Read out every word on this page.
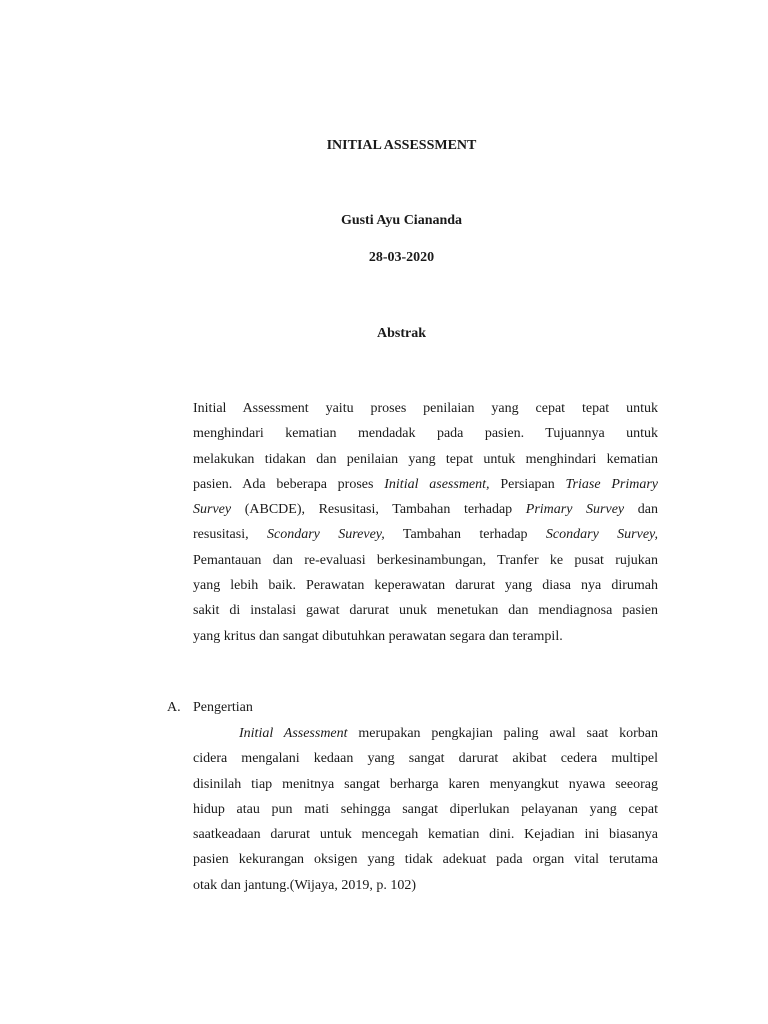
INITIAL ASSESSMENT
Gusti Ayu Ciananda
28-03-2020
Abstrak
Initial Assessment yaitu proses penilaian yang cepat tepat untuk
menghindari kematian mendadak pada pasien. Tujuannya untuk
melakukan tidakan dan penilaian yang tepat untuk menghindari kematian
pasien. Ada beberapa proses Initial asessment, Persiapan Triase Primary
Survey (ABCDE), Resusitasi, Tambahan terhadap Primary Survey dan
resusitasi, Scondary Surevey, Tambahan terhadap Scondary Survey,
Pemantauan dan re-evaluasi berkesinambungan, Tranfer ke pusat rujukan
yang lebih baik. Perawatan keperawatan darurat yang diasa nya dirumah
sakit di instalasi gawat darurat unuk menetukan dan mendiagnosa pasien
yang kritus dan sangat dibutuhkan perawatan segara dan terampil.
A. Pengertian
Initial Assessment merupakan pengkajian paling awal saat korban
cidera mengalani kedaan yang sangat darurat akibat cedera multipel
disinilah tiap menitnya sangat berharga karen menyangkut nyawa seeorag
hidup atau pun mati sehingga sangat diperlukan pelayanan yang cepat
saatkeadaan darurat untuk mencegah kematian dini. Kejadian ini biasanya
pasien kekurangan oksigen yang tidak adekuat pada organ vital terutama
otak dan jantung.(Wijaya, 2019, p. 102)
